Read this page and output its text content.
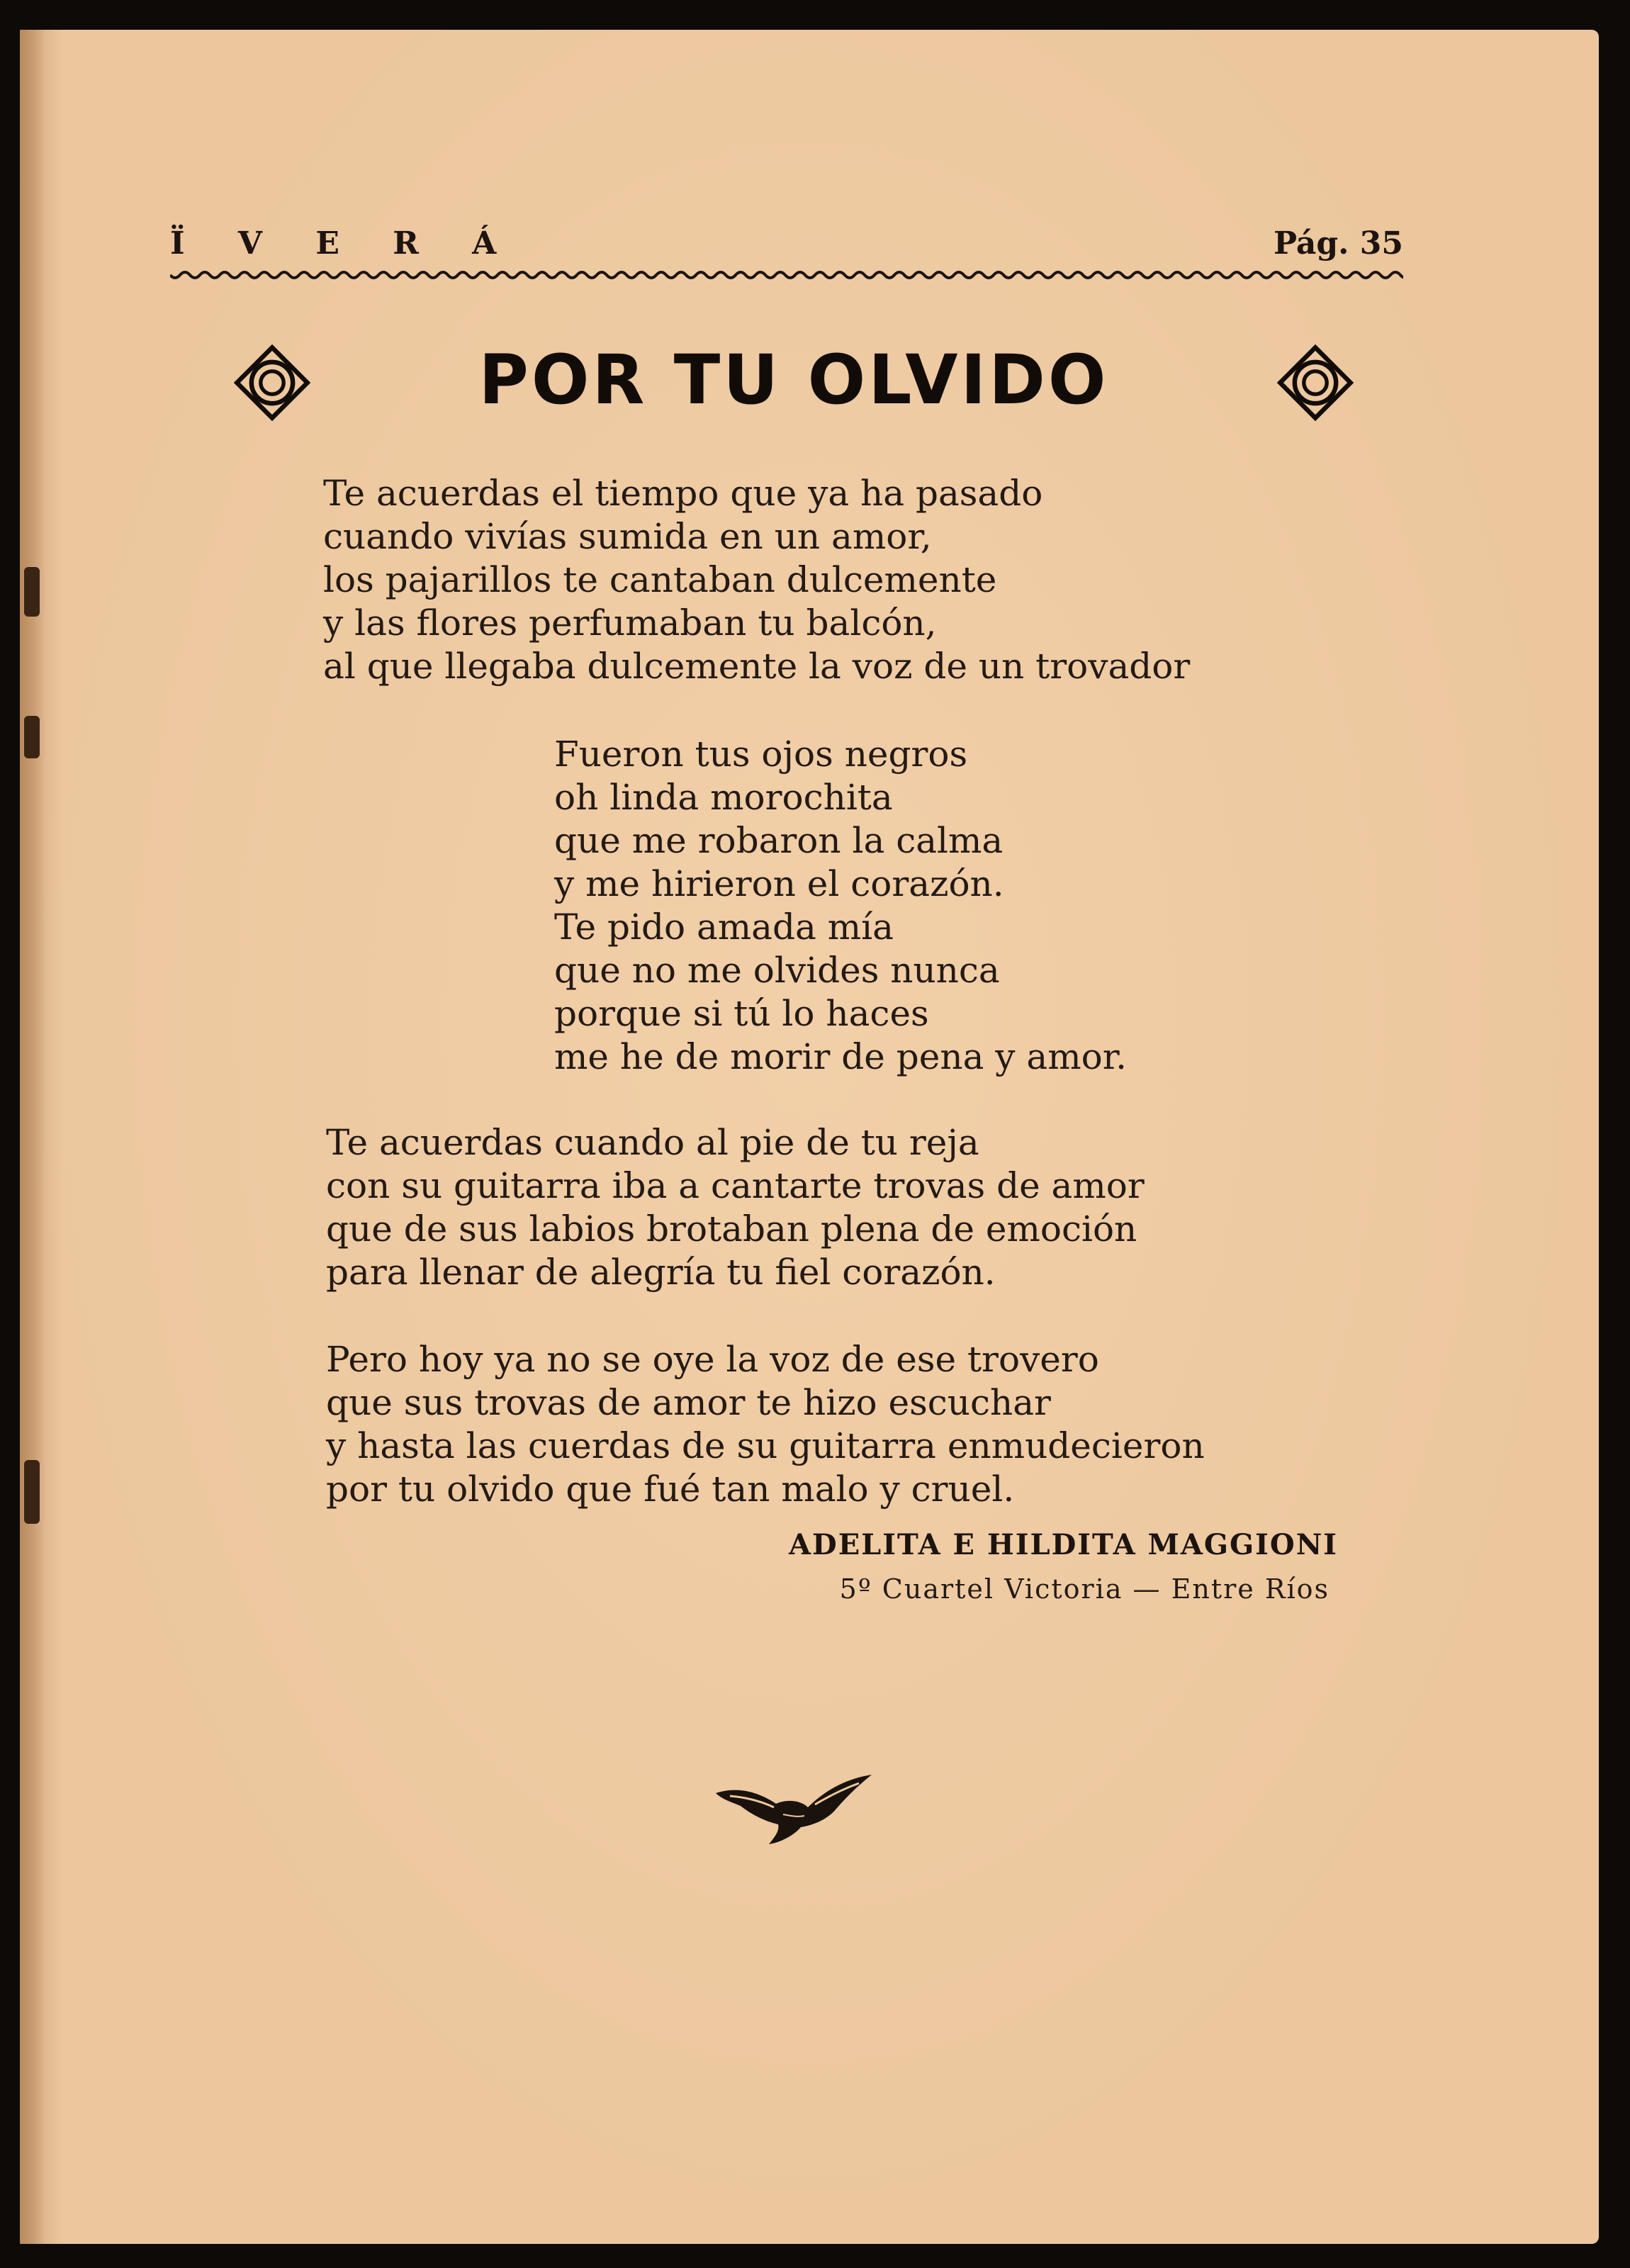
Ï V E R Á	Pág. 35
POR TU OLVIDO
Te acuerdas el tiempo que ya ha pasado
cuando vivías sumida en un amor,
los pajarillos te cantaban dulcemente
y las flores perfumaban tu balcón,
al que llegaba dulcemente la voz de un trovador
Fueron tus ojos negros
oh linda morochita
que me robaron la calma
y me hirieron el corazón.
Te pido amada mía
que no me olvides nunca
porque si tú lo haces
me he de morir de pena y amor.
Te acuerdas cuando al pie de tu reja
con su guitarra iba a cantarte trovas de amor
que de sus labios brotaban plena de emoción
para llenar de alegría tu fiel corazón.
Pero hoy ya no se oye la voz de ese trovero
que sus trovas de amor te hizo escuchar
y hasta las cuerdas de su guitarra enmudecieron
por tu olvido que fué tan malo y cruel.
ADELITA E HILDITA MAGGIONI
5º Cuartel Victoria — Entre Ríos
